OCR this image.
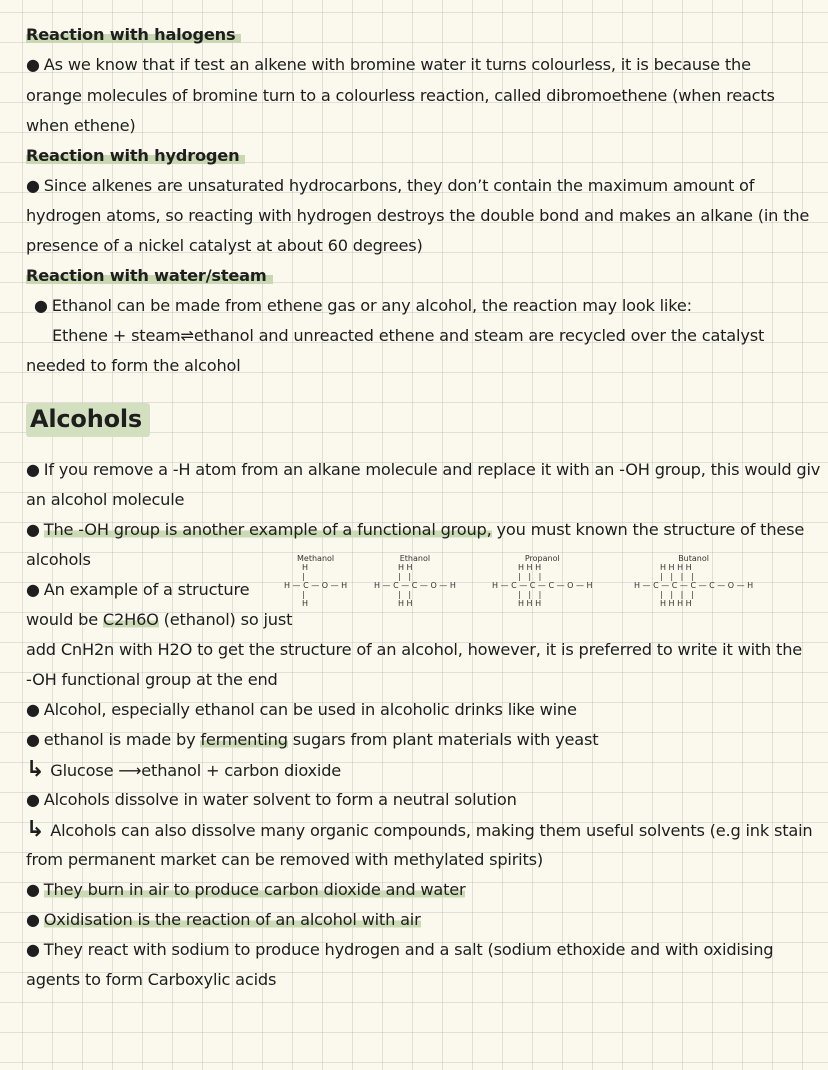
Reaction with halogens
● As we know that if test an alkene with bromine water it turns colourless, it is because the
orange molecules of bromine turn to a colourless reaction, called dibromoethene (when reacts
when ethene)
Reaction with hydrogen
● Since alkenes are unsaturated hydrocarbons, they don’t contain the maximum amount of
hydrogen atoms, so reacting with hydrogen destroys the double bond and makes an alkane (in the
presence of a nickel catalyst at about 60 degrees)
Reaction with water/steam
● Ethanol can be made from ethene gas or any alcohol, the reaction may look like:
Ethene + steam⇌ethanol and unreacted ethene and steam are recycled over the catalyst
needed to form the alcohol
Alcohols
● If you remove a -H atom from an alkane molecule and replace it with an -OH group, this would giv
an alcohol molecule
● The -OH group is another example of a functional group, you must known the structure of these
alcohols
● An example of a structure
would be C2H6O (ethanol) so just
Methanol
H
|
H — C — O — H
|
H
Ethanol
H H
|   |
H — C — C — O — H
|   |
H H
Propanol
H H H
|   |   |
H — C — C — C — O — H
|   |   |
H H H
Butanol
H H H H
|   |   |   |
H — C — C — C — C — O — H
|   |   |   |
H H H H
add CnH2n with H2O to get the structure of an alcohol, however, it is preferred to write it with the
-OH functional group at the end
● Alcohol, especially ethanol can be used in alcoholic drinks like wine
● ethanol is made by fermenting sugars from plant materials with yeast
↳ Glucose ⟶ethanol + carbon dioxide
● Alcohols dissolve in water solvent to form a neutral solution
↳ Alcohols can also dissolve many organic compounds, making them useful solvents (e.g ink stain
from permanent market can be removed with methylated spirits)
● They burn in air to produce carbon dioxide and water
● Oxidisation is the reaction of an alcohol with air
● They react with sodium to produce hydrogen and a salt (sodium ethoxide and with oxidising
agents to form Carboxylic acids
